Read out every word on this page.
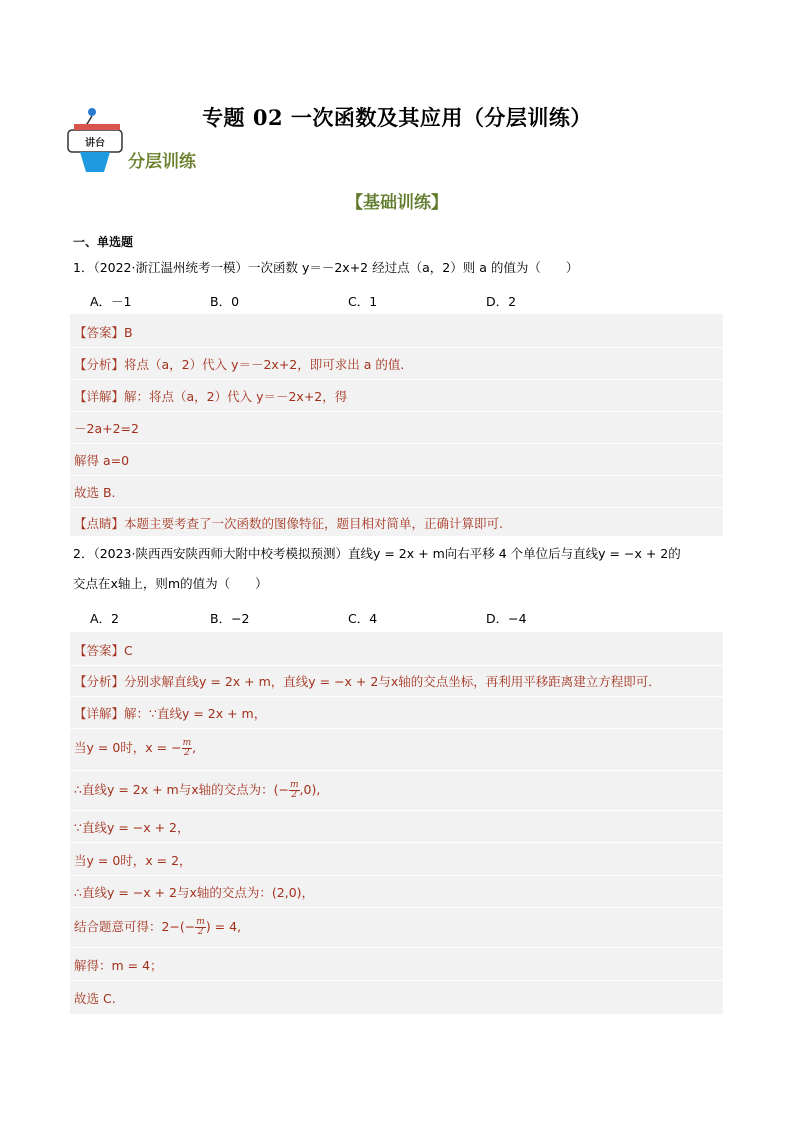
专题 02 一次函数及其应用（分层训练）
讲台
分层训练
【基础训练】
一、单选题
1．（2022·浙江温州统考一模）一次函数 y＝－2x+2 经过点（a，2）则 a 的值为（　　）
A．－1	B．0	C．1	D．2
【答案】B
【分析】将点（a，2）代入 y＝－2x+2，即可求出 a 的值.
【详解】解：将点（a，2）代入 y＝－2x+2，得
－2a+2=2
解得 a=0
故选 B.
【点睛】本题主要考查了一次函数的图像特征，题目相对简单，正确计算即可.
2．（2023·陕西西安陕西师大附中校考模拟预测）直线y = 2x + m向右平移 4 个单位后与直线y = −x + 2的
交点在x轴上，则m的值为（　　）
A．2	B．−2	C．4	D．−4
【答案】C
【分析】分别求解直线y = 2x + m，直线y = −x + 2与x轴的交点坐标，再利用平移距离建立方程即可．
【详解】解：∵直线y = 2x + m，
当y = 0时，x = − $\frac{m}{2}$ ,
∴直线y = 2x + m与x轴的交点为：(− $\frac{m}{2} ,0$),
∵直线y = −x + 2，
当y = 0时，x = 2，
∴直线y = −x + 2与x轴的交点为：(2,0)，
结合题意可得：$2-(- \frac{m}{2}$ ) = 4,
解得：m = 4；
故选 C.
